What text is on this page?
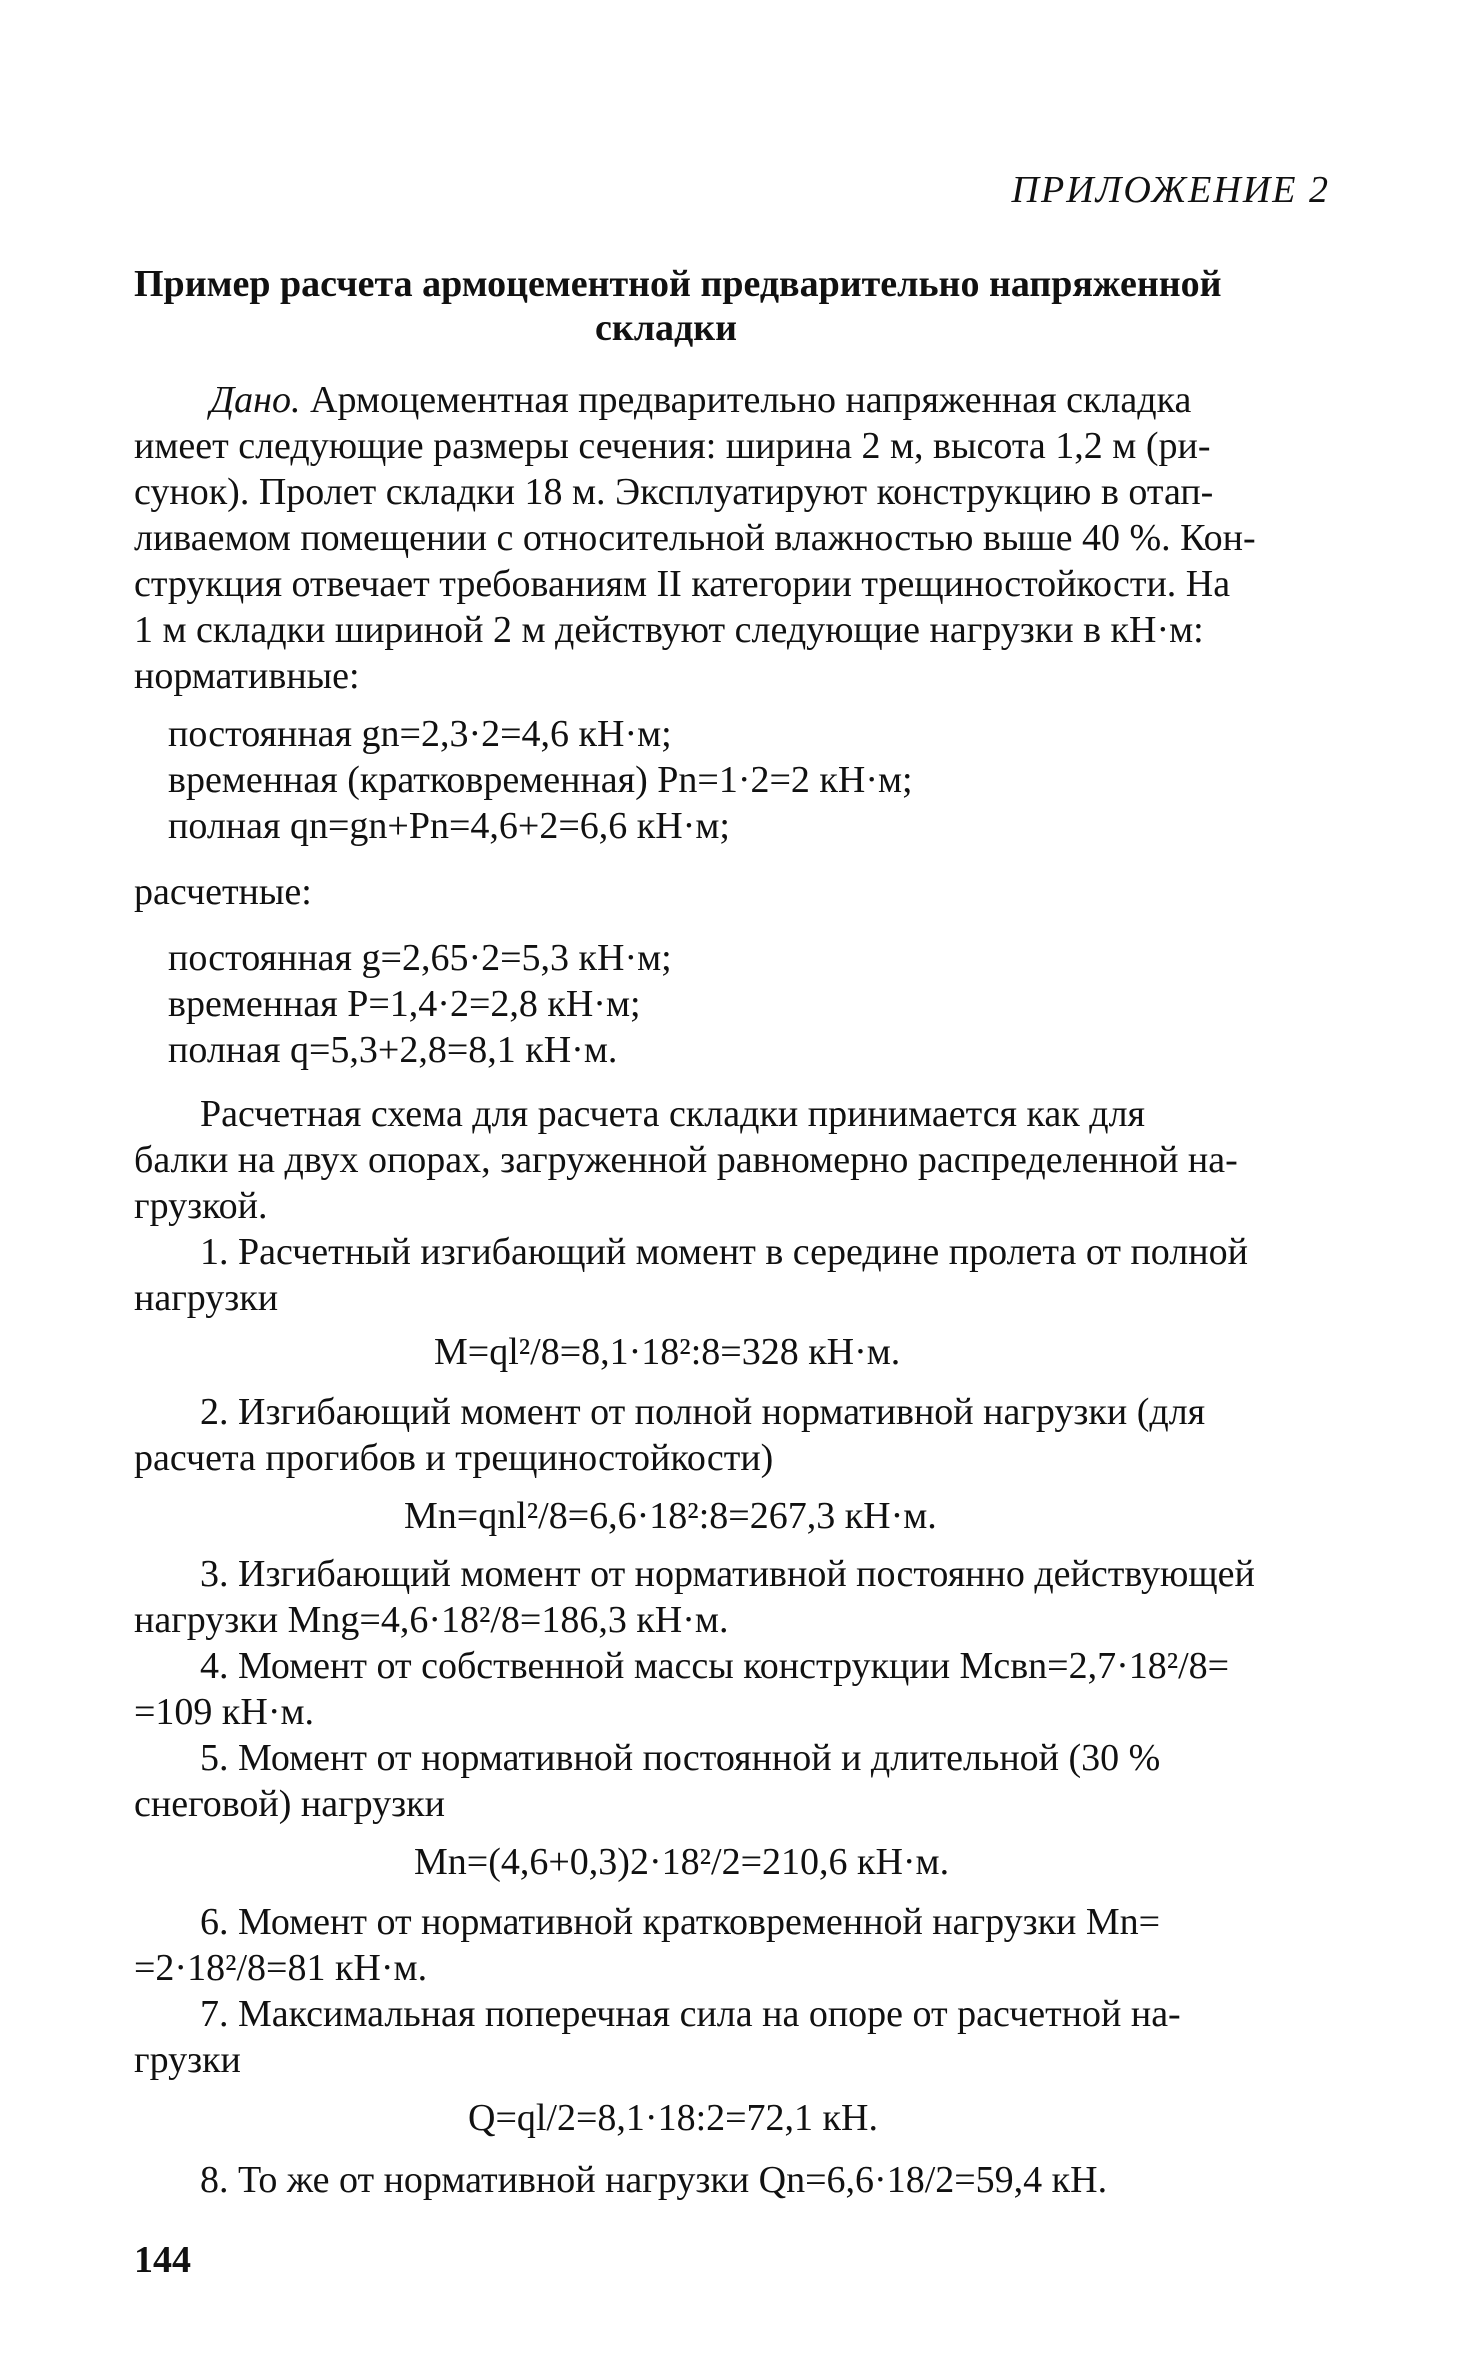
ПРИЛОЖЕНИЕ 2
Пример расчета армоцементной предварительно напряженной
складки
Дано. Армоцементная предварительно напряженная складка
имеет следующие размеры сечения: ширина 2 м, высота 1,2 м (ри-
сунок). Пролет складки 18 м. Эксплуатируют конструкцию в отап-
ливаемом помещении с относительной влажностью выше 40 %. Кон-
струкция отвечает требованиям II категории трещиностойкости. На
1 м складки шириной 2 м действуют следующие нагрузки в кН·м:
нормативные:
постоянная gn=2,3·2=4,6 кН·м;
временная (кратковременная) Pn=1·2=2 кН·м;
полная qn=gn+Pn=4,6+2=6,6 кН·м;
расчетные:
постоянная g=2,65·2=5,3 кН·м;
временная P=1,4·2=2,8 кН·м;
полная q=5,3+2,8=8,1 кН·м.
Расчетная схема для расчета складки принимается как для
балки на двух опорах, загруженной равномерно распределенной на-
грузкой.
1. Расчетный изгибающий момент в середине пролета от полной
нагрузки
M=ql²/8=8,1·18²:8=328 кН·м.
2. Изгибающий момент от полной нормативной нагрузки (для
расчета прогибов и трещиностойкости)
Mn=qnl²/8=6,6·18²:8=267,3 кН·м.
3. Изгибающий момент от нормативной постоянно действующей
нагрузки Mng=4,6·18²/8=186,3 кН·м.
4. Момент от собственной массы конструкции Mсвn=2,7·18²/8=
=109 кН·м.
5. Момент от нормативной постоянной и длительной (30 %
снеговой) нагрузки
Mn=(4,6+0,3)2·18²/2=210,6 кН·м.
6. Момент от нормативной кратковременной нагрузки Mn=
=2·18²/8=81 кН·м.
7. Максимальная поперечная сила на опоре от расчетной на-
грузки
Q=ql/2=8,1·18:2=72,1 кН.
8. То же от нормативной нагрузки Qn=6,6·18/2=59,4 кН.
144
